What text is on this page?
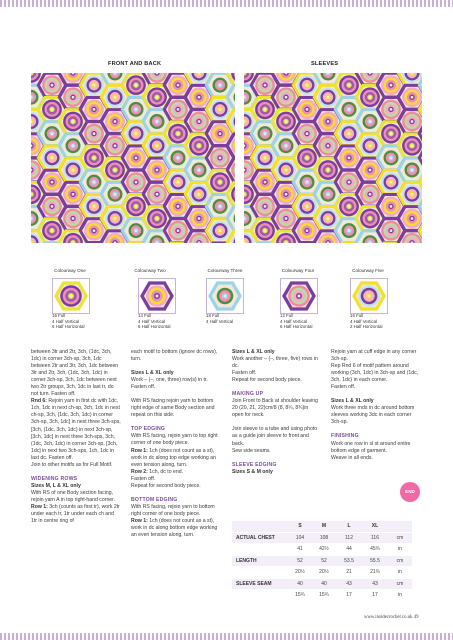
FRONT AND BACK	SLEEVES
Colourway One
16 Full
4 Half Vertical
6 Half Horizontal
Colourway Two
14 Full
4 Half Vertical
6 Half Horizontal
Colourway Three
18 Full
4 Half Vertical
Colourway Four
12 Full
4 Half Vertical
6 Half Horizontal
Colourway Five
16 Full
4 Half Vertical
2 Half Horizontal

between 3tr and 2tr, 3ch, (1dc, 3ch, 1dc) in corner 3ch-sp, 3ch, 1dc between 2tr and 3tr, 3ch, 1dc between 3tr and 2tr, 3ch, (1dc, 3ch, 1dc) in corner 3ch-sp, 3ch, 1dc between next two 2tr groups, 3ch, 1dc in last tr, do not turn. Fasten off.

Rnd 6: Rejoin yarn in first dc with 1dc, 1ch, 1dc in next ch-sp, 3ch, 1dc in next ch-sp, 3ch, (1dc, 3ch, 1dc) in corner 3ch-sp, 3ch, 1dc] in next three 3ch-sps, [3ch, (1dc, 3ch, 1dc) in next 3ch-sp, [3ch, 1dc] in next three 3ch-sps, 3ch, (1dc, 3ch, 1dc) in corner 3ch-sp, [3ch, 1dc] in next two 3ch-sps, 1ch, 1dc in last dc. Fasten off.

Join to other motifs as for Full Motif.

WIDENING ROWS
Sizes M, L & XL only

With RS of one Body section facing, rejoin yarn A in top right-hand corner.

Row 1: 3ch (counts as first tr), work 2tr under each tr, 1tr under each ch and 1tr in centre ring of

each motif to bottom (ignore dc rows), turn.

Sizes L & XL only

Work – (–, one, three) row(s) in tr. Fasten off.

With RS facing rejoin yarn to bottom right edge of same Body section and repeat on this side.

TOP EDGING

With RS facing, rejoin yarn to top right corner of one body piece.

Row 1: 1ch (does not count as a st), work in dc along top edge working an even tension along, turn.

Row 2: 1ch, dc to end.

Fasten off.

Repeat for second body piece.

BOTTOM EDGING

With RS facing, rejoin yarn to bottom right corner of one body piece.

Row 1: 1ch (does not count as a st), work in dc along bottom edge working an even tension along, turn.

Sizes L & XL only

Work another – (–, three, five) rows in dc.

Fasten off.

Repeat for second body piece.

MAKING UP

Join Front to Back at shoulder leaving 20 (20, 21, 22)cm/8 (8, 8¼, 8¾)in open for neck.

Join sleeve to a tube and using photo as a guide join sleeve to front and back.

Sew side seams.

SLEEVE EDGING
Sizes S & M only

Rejoin yarn at cuff edge in any corner 3ch-sp.

Rep Rnd 6 of motif pattern around working (3ch, 1dc) in 3ch-sp and (1dc, 3ch, 1dc) in each corner.

Fasten off.

Sizes L & XL only

Work three rnds in dc around bottom sleeves working 3dc in each corner 3ch-sp.

FINISHING

Work one row in sl st around entire bottom edge of garment.

Weave in all ends.

END
	S	M	L	XL	
ACTUAL CHEST	104	108	112	116	cm
	41	42½	44	45¾	in
LENGTH	52	52	53.5	55.5	cm
	20½	20½	21	21¾	in
SLEEVE SEAM	40	40	43	43	cm
	15¾	15¾	17	17	in
www.insidecrochet.co.uk 49
